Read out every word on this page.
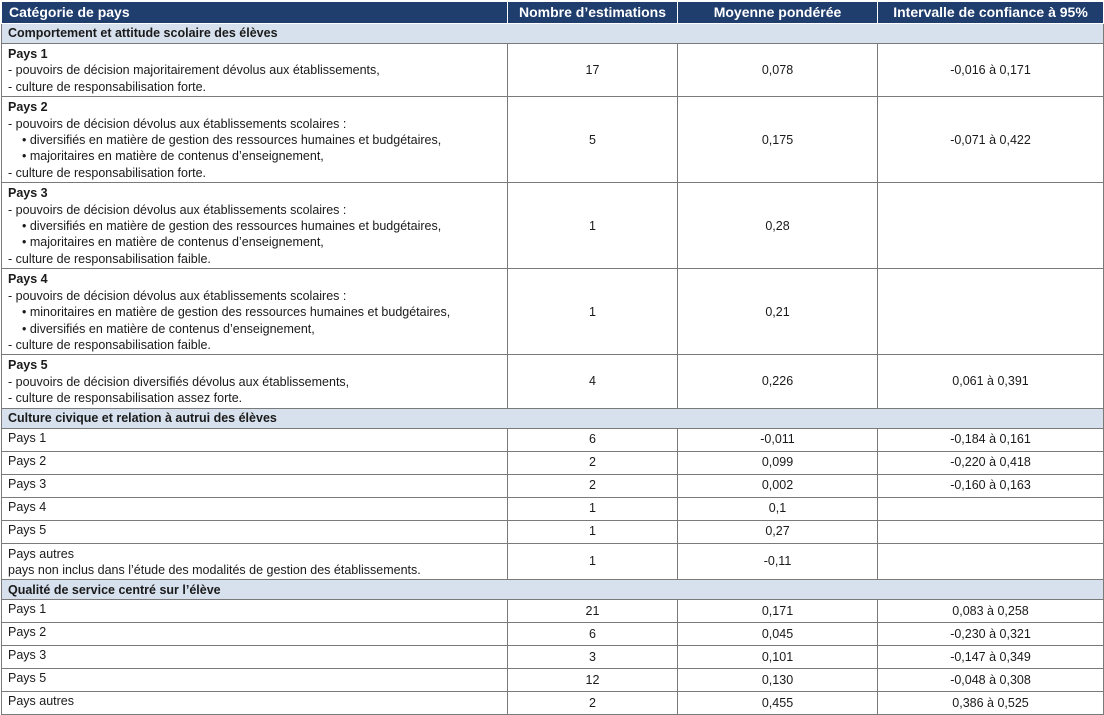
Catégorie de pays	Nombre d’estimations	Moyenne pondérée	Intervalle de confiance à 95%
Comportement et attitude scolaire des élèves			

Pays 1
- pouvoirs de décision majoritairement dévolus aux établissements,
- culture de responsabilisation forte.	17	0,078	-0,016 à 0,171

Pays 2
- pouvoirs de décision dévolus aux établissements scolaires :
• diversifiés en matière de gestion des ressources humaines et budgétaires,
• majoritaires en matière de contenus d’enseignement,
- culture de responsabilisation forte.	5	0,175	-0,071 à 0,422

Pays 3
- pouvoirs de décision dévolus aux établissements scolaires :
• diversifiés en matière de gestion des ressources humaines et budgétaires,
• majoritaires en matière de contenus d’enseignement,
- culture de responsabilisation faible.	1	0,28	

Pays 4
- pouvoirs de décision dévolus aux établissements scolaires :
• minoritaires en matière de gestion des ressources humaines et budgétaires,
• diversifiés en matière de contenus d’enseignement,
- culture de responsabilisation faible.	1	0,21	

Pays 5
- pouvoirs de décision diversifiés dévolus aux établissements,
- culture de responsabilisation assez forte.	4	0,226	0,061 à 0,391
Culture civique et relation à autrui des élèves			

Pays 1	6	-0,011	-0,184 à 0,161

Pays 2	2	0,099	-0,220 à 0,418

Pays 3	2	0,002	-0,160 à 0,163

Pays 4	1	0,1	

Pays 5	1	0,27	

Pays autres
pays non inclus dans l’étude des modalités de gestion des établissements.	1	-0,11	
Qualité de service centré sur l’élève			

Pays 1	21	0,171	0,083 à 0,258

Pays 2	6	0,045	-0,230 à 0,321

Pays 3	3	0,101	-0,147 à 0,349

Pays 5	12	0,130	-0,048 à 0,308

Pays autres	2	0,455	0,386 à 0,525
